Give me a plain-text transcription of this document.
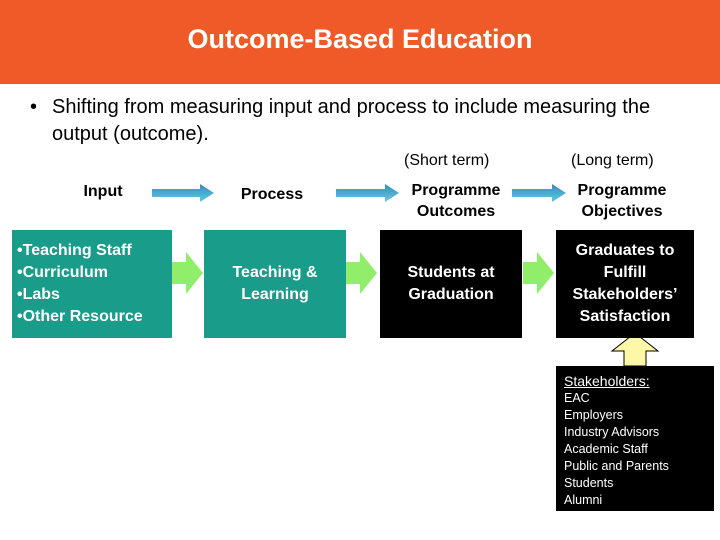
Outcome-Based Education
• Shifting from measuring input and process to include measuring the output (outcome).
(Short term)	(Long term)
Input	Process	Programme Outcomes
Programme Objectives
•Teaching Staff
•Curriculum
•Labs
•Other Resource
Teaching & Learning
Students at Graduation
Graduates to Fulfill Stakeholders’ Satisfaction
Stakeholders:
EAC
Employers
Industry Advisors
Academic Staff
Public and Parents
Students
Alumni
